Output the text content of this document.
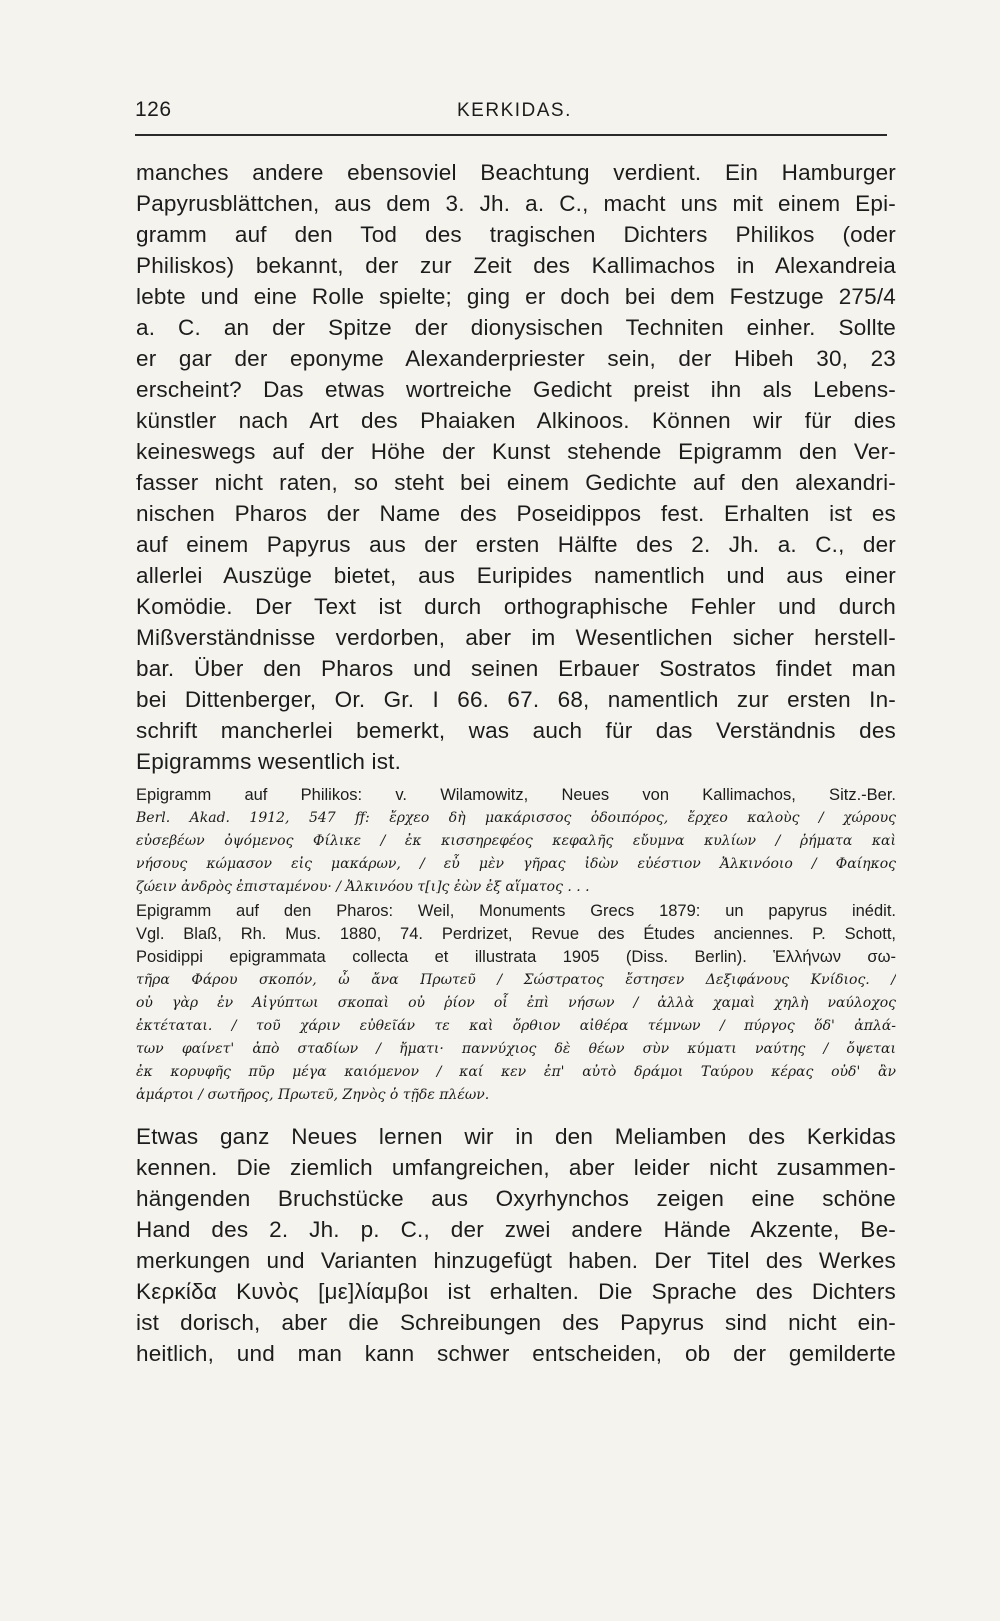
126	KERKIDAS.
manches andere ebensoviel Beachtung verdient. Ein Hamburger
Papyrusblättchen, aus dem 3. Jh. a. C., macht uns mit einem Epi-
gramm auf den Tod des tragischen Dichters Philikos (oder
Philiskos) bekannt, der zur Zeit des Kallimachos in Alexandreia
lebte und eine Rolle spielte; ging er doch bei dem Festzuge 275/4
a. C. an der Spitze der dionysischen Techniten einher. Sollte
er gar der eponyme Alexanderpriester sein, der Hibeh 30, 23
erscheint? Das etwas wortreiche Gedicht preist ihn als Lebens-
künstler nach Art des Phaiaken Alkinoos. Können wir für dies
keineswegs auf der Höhe der Kunst stehende Epigramm den Ver-
fasser nicht raten, so steht bei einem Gedichte auf den alexandri-
nischen Pharos der Name des Poseidippos fest. Erhalten ist es
auf einem Papyrus aus der ersten Hälfte des 2. Jh. a. C., der
allerlei Auszüge bietet, aus Euripides namentlich und aus einer
Komödie. Der Text ist durch orthographische Fehler und durch
Mißverständnisse verdorben, aber im Wesentlichen sicher herstell-
bar. Über den Pharos und seinen Erbauer Sostratos findet man
bei Dittenberger, Or. Gr. I 66. 67. 68, namentlich zur ersten In-
schrift mancherlei bemerkt, was auch für das Verständnis des
Epigramms wesentlich ist.
Epigramm auf Philikos: v. Wilamowitz, Neues von Kallimachos, Sitz.-Ber.
Berl. Akad. 1912, 547 ff: ἔρχεο δὴ μακάρισσος ὁδοιπόρος, ἔρχεο καλοὺς / χώρους
εὐσεβέων ὀψόμενος Φίλικε / ἐκ κισσηρεφέος κεφαλῆς εὔυμνα κυλίων / ῥήματα καὶ
νήσους κώμασον εἰς μακάρων, / εὖ μὲν γῆρας ἰδὼν εὐέστιον Ἀλκινόοιο / Φαίηκος
ζώειν ἀνδρὸς ἐπισταμένου· / Ἀλκινόου τ[ι]ς ἐὼν ἐξ αἵματος . . .
Epigramm auf den Pharos: Weil, Monuments Grecs 1879: un papyrus inédit.
Vgl. Blaß, Rh. Mus. 1880, 74. Perdrizet, Revue des Études anciennes. P. Schott,
Posidippi epigrammata collecta et illustrata 1905 (Diss. Berlin). Ἑλλήνων σω-
τῆρα Φάρου σκοπόν, ὦ ἄνα Πρωτεῦ / Σώστρατος ἔστησεν Δεξιφάνους Κνίδιος. /
οὐ γὰρ ἐν Αἰγύπτωι σκοπαὶ οὐ ῥίον οἷ ἐπὶ νήσων / ἀλλὰ χαμαὶ χηλὴ ναύλοχος
ἐκτέταται. / τοῦ χάριν εὐθεῖάν τε καὶ ὄρθιον αἰθέρα τέμνων / πύργος ὅδ' ἀπλά-
των φαίνετ' ἀπὸ σταδίων / ἤματι· παννύχιος δὲ θέων σὺν κύματι ναύτης / ὄψεται
ἐκ κορυφῆς πῦρ μέγα καιόμενον / καί κεν ἐπ' αὐτὸ δράμοι Ταύρου κέρας οὐδ' ἂν
ἁμάρτοι / σωτῆρος, Πρωτεῦ, Ζηνὸς ὁ τῇδε πλέων.
Etwas ganz Neues lernen wir in den Meliamben des Kerkidas
kennen. Die ziemlich umfangreichen, aber leider nicht zusammen-
hängenden Bruchstücke aus Oxyrhynchos zeigen eine schöne
Hand des 2. Jh. p. C., der zwei andere Hände Akzente, Be-
merkungen und Varianten hinzugefügt haben. Der Titel des Werkes
Κερκίδα Κυνὸς [με]λίαμβοι ist erhalten. Die Sprache des Dichters
ist dorisch, aber die Schreibungen des Papyrus sind nicht ein-
heitlich, und man kann schwer entscheiden, ob der gemilderte
